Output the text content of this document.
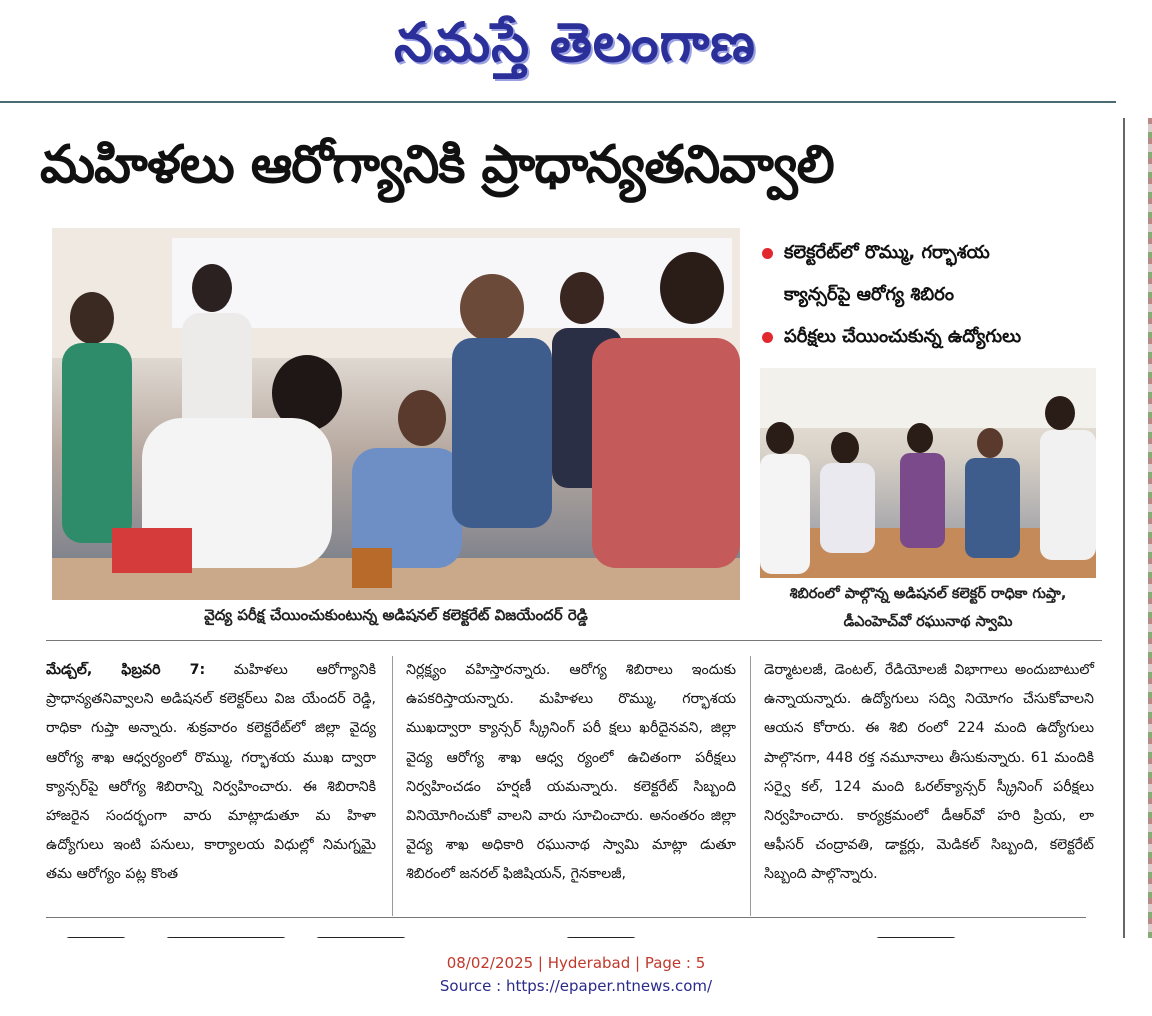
నమస్తే తెలంగాణ
మహిళలు ఆరోగ్యానికి ప్రాధాన్యతనివ్వాలి
వైద్య పరీక్ష చేయించుకుంటున్న అడిషనల్ కలెక్టరేట్ విజయేందర్ రెడ్డి
కలెక్టరేట్‌లో రొమ్ము, గర్భాశయ
క్యాన్సర్‌పై ఆరోగ్య శిబిరం
పరీక్షలు చేయించుకున్న ఉద్యోగులు
శిబిరంలో పాల్గొన్న అడిషనల్ కలెక్టర్ రాధికా గుప్తా, డీఎంహెచ్‌వో రఘునాథ స్వామి

మేడ్చల్, ఫిబ్రవరి 7: మహిళలు ఆరోగ్యానికి ప్రాధాన్యతనివ్వాలని అడిషనల్ కలెక్టర్‌లు విజ యేందర్ రెడ్డి, రాధికా గుప్తా అన్నారు. శుక్రవారం కలెక్టరేట్‌లో జిల్లా వైద్య ఆరోగ్య శాఖ ఆధ్వర్యంలో రొమ్ము, గర్భాశయ ముఖ ద్వారా క్యాన్సర్‌పై ఆరోగ్య శిబిరాన్ని నిర్వహించారు. ఈ శిబిరానికి హాజరైన సందర్భంగా వారు మాట్లాడుతూ మ హిళా ఉద్యోగులు ఇంటి పనులు, కార్యాలయ విధుల్లో నిమగ్నమై తమ ఆరోగ్యం పట్ల కొంత

నిర్లక్ష్యం వహిస్తారన్నారు. ఆరోగ్య శిబిరాలు ఇందుకు ఉపకరిస్తాయన్నారు. మహిళలు రొమ్ము, గర్భాశయ ముఖద్వారా క్యాన్సర్ స్క్రీనింగ్ పరీ క్షలు ఖరీదైనవని, జిల్లా వైద్య ఆరోగ్య శాఖ ఆధ్వ ర్యంలో ఉచితంగా పరీక్షలు నిర్వహించడం హర్షణీ యమన్నారు. కలెక్టరేట్ సిబ్బంది వినియోగించుకో వాలని వారు సూచించారు. అనంతరం జిల్లా వైద్య శాఖ అధికారి రఘునాథ స్వామి మాట్లా డుతూ శిబిరంలో జనరల్ ఫిజిషియన్, గైనకాలజీ,

డెర్మాటలజీ, డెంటల్, రేడియోలజీ విభాగాలు అందుబాటులో ఉన్నాయన్నారు. ఉద్యోగులు సద్వి నియోగం చేసుకోవాలని ఆయన కోరారు. ఈ శిబి రంలో 224 మంది ఉద్యోగులు పాల్గొనగా, 448 రక్త నమూనాలు తీసుకున్నారు. 61 మందికి సర్వై కల్, 124 మంది ఓరల్‌క్యాన్సర్ స్క్రీనింగ్ పరీక్షలు నిర్వహించారు. కార్యక్రమంలో డీఆర్‌వో హరి ప్రియ, లా ఆఫీసర్ చంద్రావతి, డాక్టర్లు, మెడికల్ సిబ్బంది, కలెక్టరేట్ సిబ్బంది పాల్గొన్నారు.

08/02/2025 | Hyderabad | Page : 5
Source : https://epaper.ntnews.com/
